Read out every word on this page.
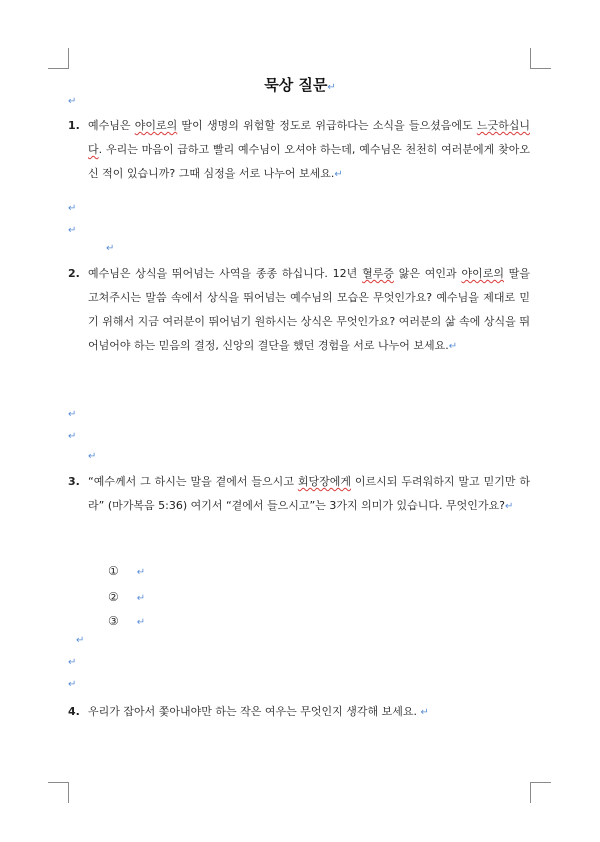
묵상 질문↵
↵
1. 예수님은 야이로의 딸이 생명의 위험할 정도로 위급하다는 소식을 들으셨음에도 느긋하십니다. 우리는 마음이 급하고 빨리 예수님이 오셔야 하는데, 예수님은 천천히 여러분에게 찾아오신 적이 있습니까? 그때 심정을 서로 나누어 보세요.↵
↵
↵
↵
2. 예수님은 상식을 뛰어넘는 사역을 종종 하십니다. 12년 혈루증 앓은 여인과 야이로의 딸을 고쳐주시는 말씀 속에서 상식을 뛰어넘는 예수님의 모습은 무엇인가요? 예수님을 제대로 믿기 위해서 지금 여러분이 뛰어넘기 원하시는 상식은 무엇인가요? 여러분의 삶 속에 상식을 뛰어넘어야 하는 믿음의 결정, 신앙의 결단을 했던 경험을 서로 나누어 보세요.↵
↵
↵
↵
3. “예수께서 그 하시는 말을 곁에서 들으시고 회당장에게 이르시되 두려워하지 말고 믿기만 하라” (마가복음 5:36) 여기서 “곁에서 들으시고”는 3가지 의미가 있습니다. 무엇인가요?↵
① ↵
② ↵
③ ↵
↵
↵
↵
4. 우리가 잡아서 쫓아내야만 하는 작은 여우는 무엇인지 생각해 보세요. ↵
